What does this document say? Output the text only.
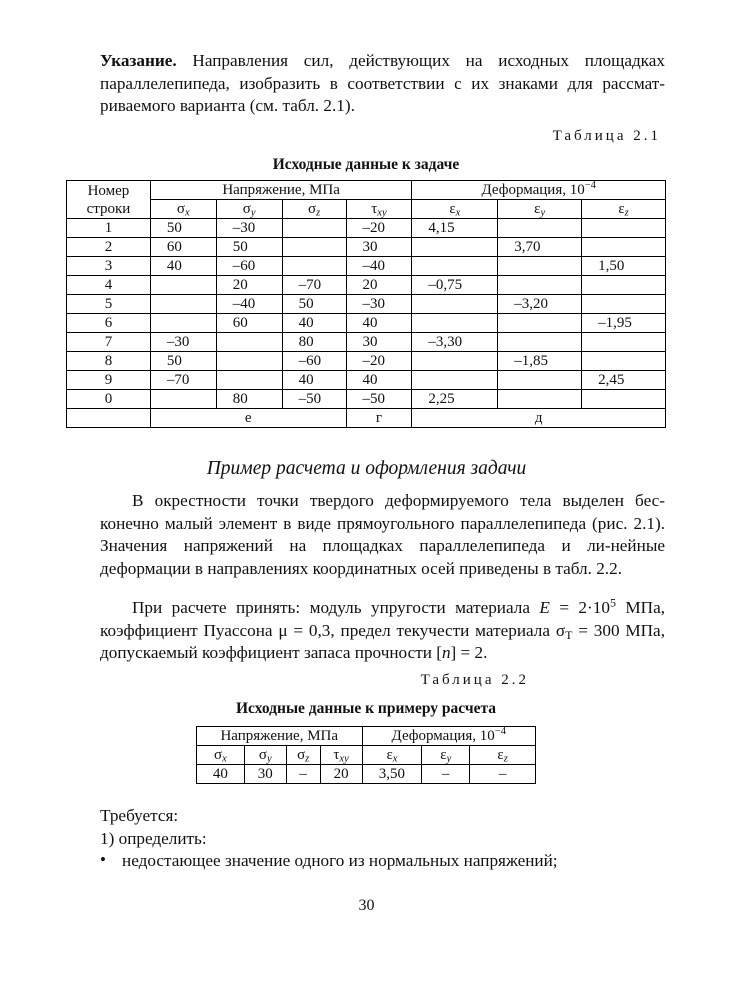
Указание. Направления сил, действующих на исходных площадках параллелепипеда, изобразить в соответствии с их знаками для рассмат-риваемого варианта (см. табл. 2.1).

Таблица 2.1
Исходные данные к задаче
Номер строки	Напряжение, МПа				Деформация, $10^{-4}$
	$\sigma_x$	$\sigma_y$	$\sigma_z$	$\tau_{xy}$	$\varepsilon_x$	$\varepsilon_y$	$\varepsilon_z$
1	50	–30		–20	4,15		
2	60	50		30		3,70	
3	40	–60		–40			1,50
4		20	–70	20	–0,75		
5		–40	50	–30		–3,20	
6		60	40	40			–1,95
7	–30		80	30	–3,30		
8	50		–60	–20		–1,85	
9	–70		40	40			2,45
0		80	–50	–50	2,25		
	е			г	д		
Пример расчета и оформления задачи

В окрестности точки твердого деформируемого тела выделен бес-конечно малый элемент в виде прямоугольного параллелепипеда (рис. 2.1). Значения напряжений на площадках параллелепипеда и ли-нейные деформации в направлениях координатных осей приведены в табл. 2.2.

При расчете принять: модуль упругости материала $E = 2\cdot 10^5$ МПа, коэффициент Пуассона μ = 0,3, предел текучести материала $\sigma_T = 300$ МПа, допускаемый коэффициент запаса прочности [n] = 2.

Таблица 2.2
Исходные данные к примеру расчета
Напряжение, МПа				Деформация, $10^{-4}$
$\sigma_x$	$\sigma_y$	$\sigma_z$	$\tau_{xy}$	$\varepsilon_x$	$\varepsilon_y$	$\varepsilon_z$
40	30	–	20	3,50	–	–
Требуется:
1) определить:
• недостающее значение одного из нормальных напряжений;
30
